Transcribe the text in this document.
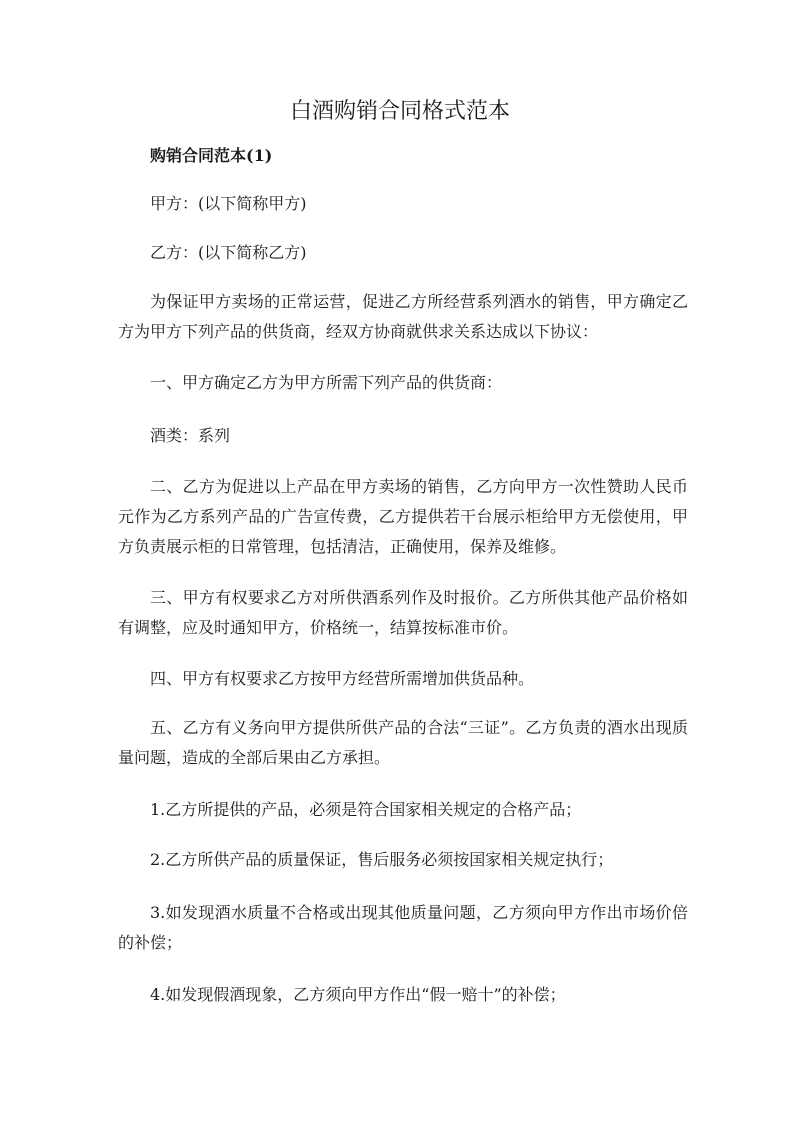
白酒购销合同格式范本

购销合同范本(1)

甲方：(以下简称甲方)

乙方：(以下简称乙方)

为保证甲方卖场的正常运营，促进乙方所经营系列酒水的销售，甲方确定乙方为甲方下列产品的供货商，经双方协商就供求关系达成以下协议：

一、甲方确定乙方为甲方所需下列产品的供货商：

酒类：系列

二、乙方为促进以上产品在甲方卖场的销售，乙方向甲方一次性赞助人民币元作为乙方系列产品的广告宣传费，乙方提供若干台展示柜给甲方无偿使用，甲方负责展示柜的日常管理，包括清洁，正确使用，保养及维修。

三、甲方有权要求乙方对所供酒系列作及时报价。乙方所供其他产品价格如有调整，应及时通知甲方，价格统一，结算按标准市价。

四、甲方有权要求乙方按甲方经营所需增加供货品种。

五、乙方有义务向甲方提供所供产品的合法“三证”。乙方负责的酒水出现质量问题，造成的全部后果由乙方承担。

1.乙方所提供的产品，必须是符合国家相关规定的合格产品；

2.乙方所供产品的质量保证，售后服务必须按国家相关规定执行；

3.如发现酒水质量不合格或出现其他质量问题，乙方须向甲方作出市场价倍的补偿；

4.如发现假酒现象，乙方须向甲方作出“假一赔十”的补偿；
